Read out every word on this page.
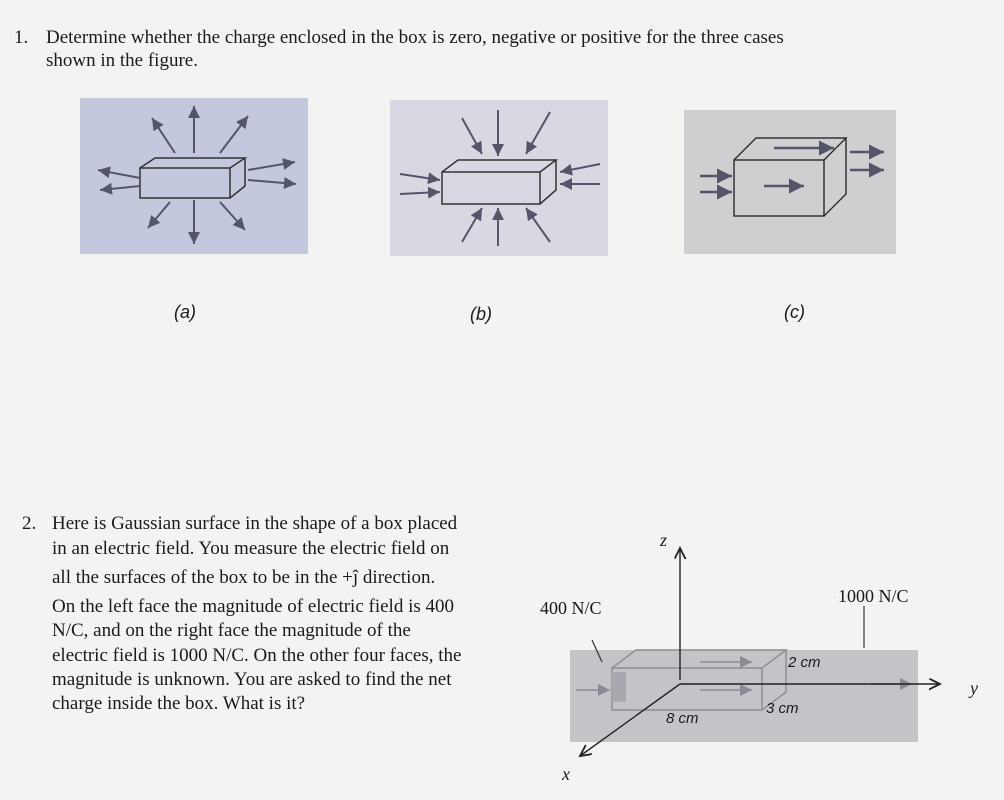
1. Determine whether the charge enclosed in the box is zero, negative or positive for the three cases
shown in the figure.
(a)	(b)	(c)
2. Here is Gaussian surface in the shape of a box placed
in an electric field. You measure the electric field on
all the surfaces of the box to be in the +ĵ direction.
On the left face the magnitude of electric field is 400
N/C, and on the right face the magnitude of the
electric field is 1000 N/C. On the other four faces, the
magnitude is unknown. You are asked to find the net
charge inside the box. What is it?
400 N/C
1000 N/C
2 cm
3 cm
8 cm
z
y
x
